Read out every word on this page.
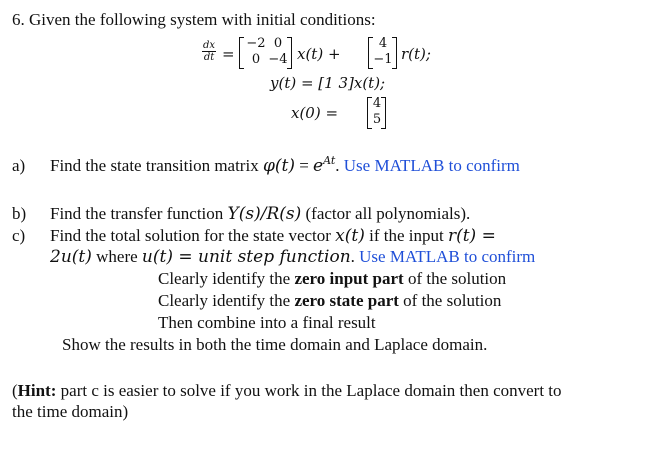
6. Given the following system with initial conditions:
$\frac{dx}{dt}$ =
−2 0
0 −4 x(t) +
4
−1 r(t);
y(t) = [1 3]x(t);
x(0) =
4
5
a) Find the state transition matrix $\varphi(t) = e^{At}$. Use MATLAB to confirm
b) Find the transfer function Y(s)/R(s) (factor all polynomials).
c) Find the total solution for the state vector x(t) if the input r(t) =
2u(t) where u(t) = unit step function. Use MATLAB to confirm
Clearly identify the zero input part of the solution
Clearly identify the zero state part of the solution
Then combine into a final result
Show the results in both the time domain and Laplace domain.
(Hint: part c is easier to solve if you work in the Laplace domain then convert to
the time domain)
